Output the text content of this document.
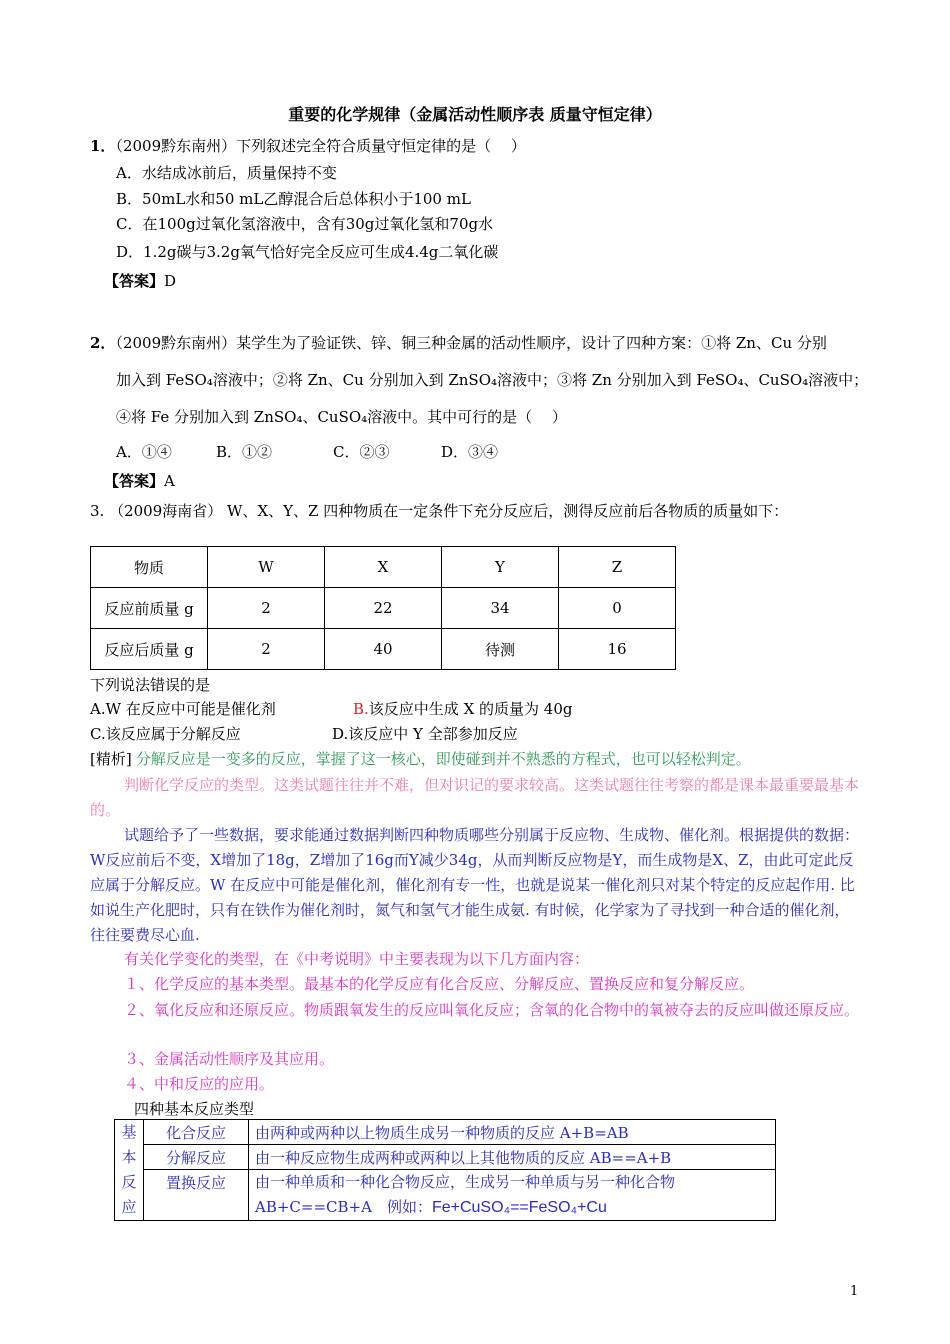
重要的化学规律（金属活动性顺序表 质量守恒定律）
1．（2009黔东南州）下列叙述完全符合质量守恒定律的是（　 ）
A．水结成冰前后，质量保持不变
B．50mL水和50 mL乙醇混合后总体积小于100 mL
C．在100g过氧化氢溶液中，含有30g过氧化氢和70g水
D．1.2g碳与3.2g氧气恰好完全反应可生成4.4g二氧化碳
【答案】D
2．（2009黔东南州）某学生为了验证铁、锌、铜三种金属的活动性顺序，设计了四种方案：①将 Zn、Cu 分别
加入到 FeSO₄溶液中；②将 Zn、Cu 分别加入到 ZnSO₄溶液中；③将 Zn 分别加入到 FeSO₄、CuSO₄溶液中；
④将 Fe 分别加入到 ZnSO₄、CuSO₄溶液中。其中可行的是（　 ）
A．①④	B．①②	C．②③	D．③④
【答案】A
3. （2009海南省） W、X、Y、Z 四种物质在一定条件下充分反应后，测得反应前后各物质的质量如下：
物质	W	X	Y	Z
反应前质量 g	2	22	34	0
反应后质量 g	2	40	待测	16
下列说法错误的是
A.W 在反应中可能是催化剂	B.该反应中生成 X 的质量为 40g
C.该反应属于分解反应	D.该反应中 Y 全部参加反应
[精析] 分解反应是一变多的反应，掌握了这一核心，即使碰到并不熟悉的方程式，也可以轻松判定。
判断化学反应的类型。这类试题往往并不难，但对识记的要求较高。这类试题往往考察的都是课本最重要最基本的。
试题给予了一些数据，要求能通过数据判断四种物质哪些分别属于反应物、生成物、催化剂。根据提供的数据：W反应前后不变，X增加了18g，Z增加了16g而Y减少34g，从而判断反应物是Y，而生成物是X、Z，由此可定此反应属于分解反应。W 在反应中可能是催化剂，催化剂有专一性，也就是说某一催化剂只对某个特定的反应起作用. 比如说生产化肥时，只有在铁作为催化剂时，氮气和氢气才能生成氨. 有时候，化学家为了寻找到一种合适的催化剂，往往要费尽心血.
有关化学变化的类型，在《中考说明》中主要表现为以下几方面内容：
１、化学反应的基本类型。最基本的化学反应有化合反应、分解反应、置换反应和复分解反应。
２、氧化反应和还原反应。物质跟氧发生的反应叫氧化反应；含氧的化合物中的氧被夺去的反应叫做还原反应。
３、金属活动性顺序及其应用。
４、中和反应的应用。
四种基本反应类型
基
本
反
应	化合反应	由两种或两种以上物质生成另一种物质的反应 A+B=AB
	分解反应	由一种反应物生成两种或两种以上其他物质的反应 AB==A+B
	置换反应	由一种单质和一种化合物反应，生成另一种单质与另一种化合物
AB+C==CB+A　例如：Fe+CuSO₄==FeSO₄+Cu
1
